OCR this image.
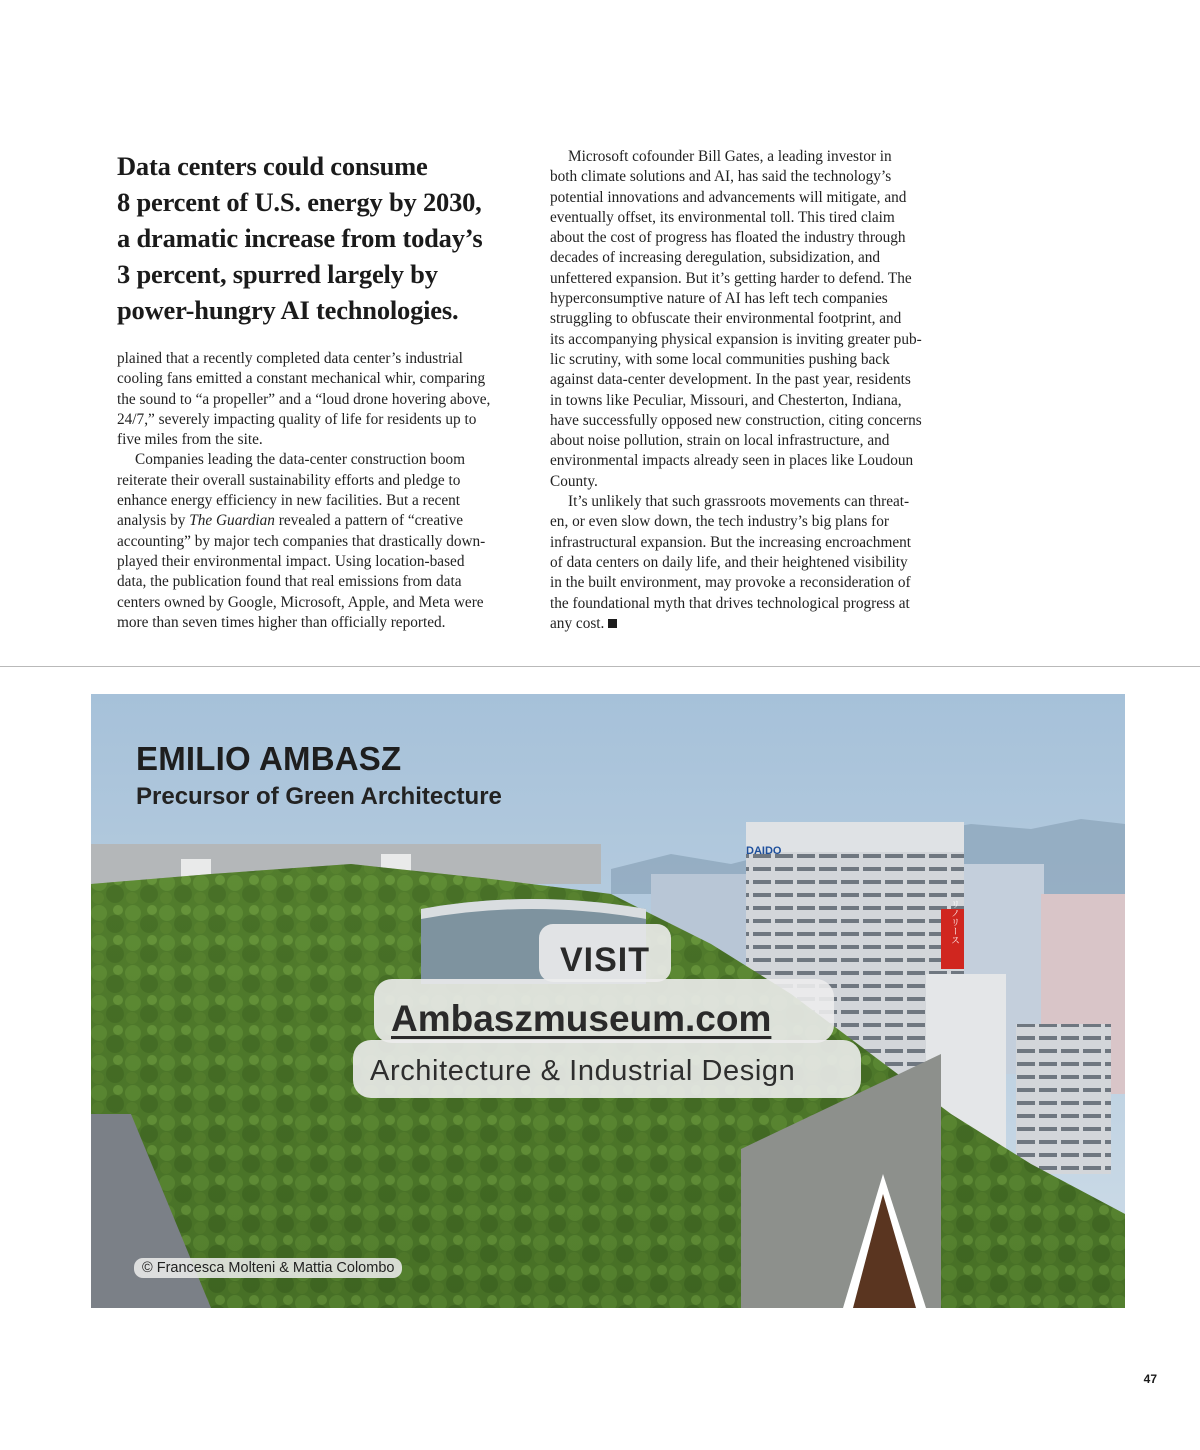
Data centers could consume
8 percent of U.S. energy by 2030,
a dramatic increase from today’s
3 percent, spurred largely by
power-hungry AI technologies.

plained that a recently completed data center’s industrial
cooling fans emitted a constant mechanical whir, comparing
the sound to “a propeller” and a “loud drone hovering above,
24/7,” severely impacting quality of life for residents up to
five miles from the site.

Companies leading the data-center construction boom
reiterate their overall sustainability efforts and pledge to
enhance energy efficiency in new facilities. But a recent
analysis by The Guardian revealed a pattern of “creative
accounting” by major tech companies that drastically down-
played their environmental impact. Using location-based
data, the publication found that real emissions from data
centers owned by Google, Microsoft, Apple, and Meta were
more than seven times higher than officially reported.

Microsoft cofounder Bill Gates, a leading investor in
both climate solutions and AI, has said the technology’s
potential innovations and advancements will mitigate, and
eventually offset, its environmental toll. This tired claim
about the cost of progress has floated the industry through
decades of increasing deregulation, subsidization, and
unfettered expansion. But it’s getting harder to defend. The
hyperconsumptive nature of AI has left tech companies
struggling to obfuscate their environmental footprint, and
its accompanying physical expansion is inviting greater pub-
lic scrutiny, with some local communities pushing back
against data-center development. In the past year, residents
in towns like Peculiar, Missouri, and Chesterton, Indiana,
have successfully opposed new construction, citing concerns
about noise pollution, strain on local infrastructure, and
environmental impacts already seen in places like Loudoun
County.

It’s unlikely that such grassroots movements can threat-
en, or even slow down, the tech industry’s big plans for
infrastructural expansion. But the increasing encroachment
of data centers on daily life, and their heightened visibility
in the built environment, may provoke a reconsideration of
the foundational myth that drives technological progress at
any cost.

DAIDO
リノリース
EMILIO AMBASZ
Precursor of Green Architecture
VISIT
Ambaszmuseum.com
Architecture & Industrial Design
© Francesca Molteni & Mattia Colombo
47
